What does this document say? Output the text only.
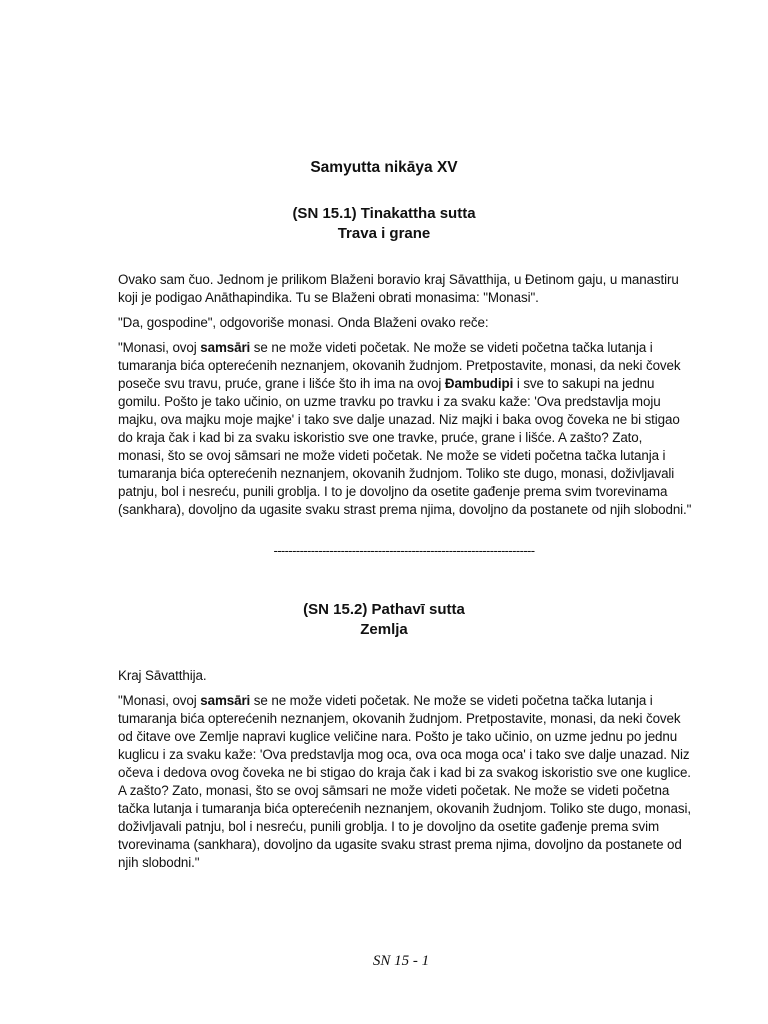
Samyutta nikāya XV
(SN 15.1) Tinakattha sutta
Trava i grane

Ovako sam čuo. Jednom je prilikom Blaženi boravio kraj Sāvatthija, u Đetinom gaju, u manastiru koji je podigao Anāthapindika. Tu se Blaženi obrati monasima: "Monasi".

"Da, gospodine", odgovoriše monasi. Onda Blaženi ovako reče:

"Monasi, ovoj samsāri se ne može videti početak. Ne može se videti početna tačka lutanja i tumaranja bića opterećenih neznanjem, okovanih žudnjom. Pretpostavite, monasi, da neki čovek poseče svu travu, pruće, grane i lišće što ih ima na ovoj Đambudipi i sve to sakupi na jednu gomilu. Pošto je tako učinio, on uzme travku po travku i za svaku kaže: 'Ova predstavlja moju majku, ova majku moje majke' i tako sve dalje unazad. Niz majki i baka ovog čoveka ne bi stigao do kraja čak i kad bi za svaku iskoristio sve one travke, pruće, grane i lišće. A zašto? Zato, monasi, što se ovoj sāmsari ne može videti početak. Ne može se videti početna tačka lutanja i tumaranja bića opterećenih neznanjem, okovanih žudnjom. Toliko ste dugo, monasi, doživljavali patnju, bol i nesreću, punili groblja. I to je dovoljno da osetite gađenje prema svim tvorevinama (sankhara), dovoljno da ugasite svaku strast prema njima, dovoljno da postanete od njih slobodni."

----------------------------------------------------------------------

(SN 15.2) Pathavī sutta
Zemlja

Kraj Sāvatthija.

"Monasi, ovoj samsāri se ne može videti početak. Ne može se videti početna tačka lutanja i tumaranja bića opterećenih neznanjem, okovanih žudnjom. Pretpostavite, monasi, da neki čovek od čitave ove Zemlje napravi kuglice veličine nara. Pošto je tako učinio, on uzme jednu po jednu kuglicu i za svaku kaže: 'Ova predstavlja mog oca, ova oca moga oca' i tako sve dalje unazad. Niz očeva i dedova ovog čoveka ne bi stigao do kraja čak i kad bi za svakog iskoristio sve one kuglice. A zašto? Zato, monasi, što se ovoj sāmsari ne može videti početak. Ne može se videti početna tačka lutanja i tumaranja bića opterećenih neznanjem, okovanih žudnjom. Toliko ste dugo, monasi, doživljavali patnju, bol i nesreću, punili groblja. I to je dovoljno da osetite gađenje prema svim tvorevinama (sankhara), dovoljno da ugasite svaku strast prema njima, dovoljno da postanete od njih slobodni."

SN 15 - 1
